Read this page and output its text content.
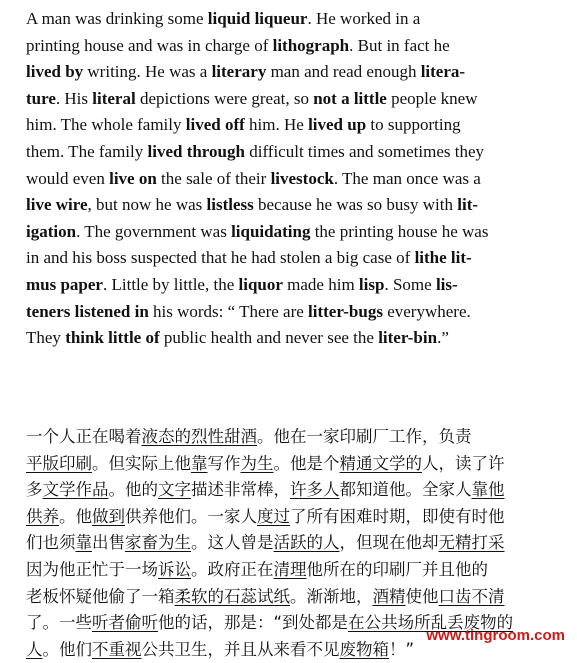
A man was drinking some liquid liqueur. He worked in a
printing house and was in charge of lithograph. But in fact he
lived by writing. He was a literary man and read enough litera-
ture. His literal depictions were great, so not a little people knew
him. The whole family lived off him. He lived up to supporting
them. The family lived through difficult times and sometimes they
would even live on the sale of their livestock. The man once was a
live wire, but now he was listless because he was so busy with lit-
igation. The government was liquidating the printing house he was
in and his boss suspected that he had stolen a big case of lithe lit-
mus paper. Little by little, the liquor made him lisp. Some lis-
teners listened in his words: “ There are litter-bugs everywhere.
They think little of public health and never see the liter-bin.”
一个人正在喝着液态的烈性甜酒。他在一家印刷厂工作，负责
平版印刷。但实际上他靠写作为生。他是个精通文学的人，读了许
多文学作品。他的文字描述非常棒，许多人都知道他。全家人靠他
供养。他做到供养他们。一家人度过了所有困难时期，即使有时他
们也须靠出售家畜为生。这人曾是活跃的人，但现在他却无精打采
因为他正忙于一场诉讼。政府正在清理他所在的印刷厂并且他的
老板怀疑他偷了一箱柔软的石蕊试纸。渐渐地，酒精使他口齿不清
了。一些听者偷听他的话，那是：“到处都是在公共场所乱丢废物的
人。他们不重视公共卫生，并且从来看不见废物箱！”
www.tingroom.com
